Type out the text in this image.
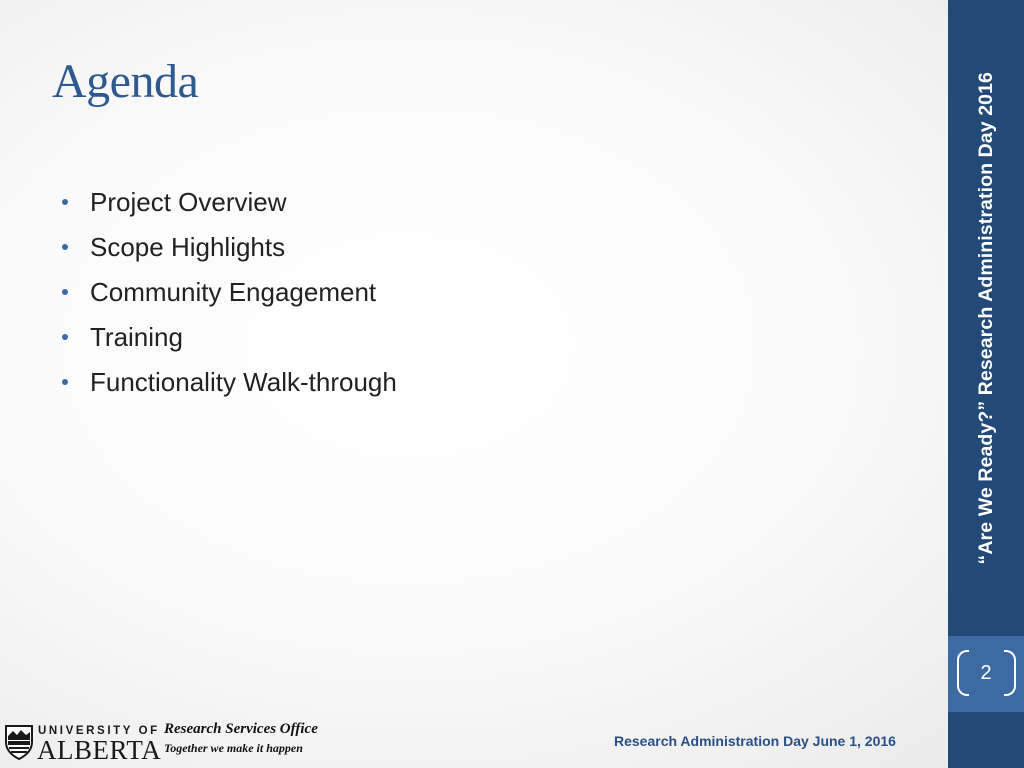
Agenda
Project Overview
Scope Highlights
Community Engagement
Training
Functionality Walk-through	“Are We Ready?” Research Administration Day 2016
2
UNIVERSITY OF
ALBERTA
Research Services Office
Together we make it happen	Research Administration Day June 1, 2016
